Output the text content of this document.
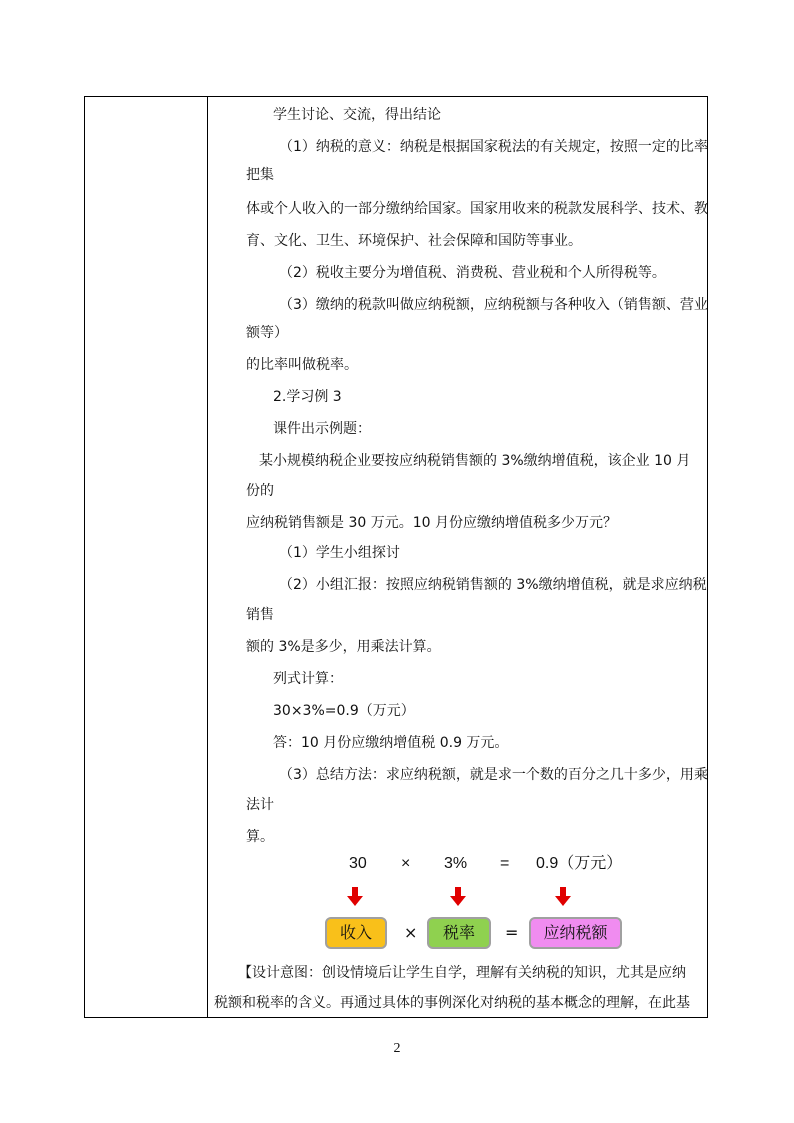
学生讨论、交流，得出结论
（1）纳税的意义：纳税是根据国家税法的有关规定，按照一定的比率
把集
体或个人收入的一部分缴纳给国家。国家用收来的税款发展科学、技术、教
育、文化、卫生、环境保护、社会保障和国防等事业。
（2）税收主要分为增值税、消费税、营业税和个人所得税等。
（3）缴纳的税款叫做应纳税额，应纳税额与各种收入（销售额、营业
额等）
的比率叫做税率。
2.学习例 3
课件出示例题：
某小规模纳税企业要按应纳税销售额的 3%缴纳增值税，该企业 10 月
份的
应纳税销售额是 30 万元。10 月份应缴纳增值税多少万元？
（1）学生小组探讨
（2）小组汇报：按照应纳税销售额的 3%缴纳增值税，就是求应纳税
销售
额的 3%是多少，用乘法计算。
列式计算：
30×3%=0.9（万元）
答：10 月份应缴纳增值税 0.9 万元。
（3）总结方法：求应纳税额，就是求一个数的百分之几十多少，用乘
法计
算。
30 × 3% = 0.9（万元）
收入	×	税率	=	应纳税额
【设计意图：创设情境后让学生自学，理解有关纳税的知识，尤其是应纳
税额和税率的含义。再通过具体的事例深化对纳税的基本概念的理解，在此基
2
